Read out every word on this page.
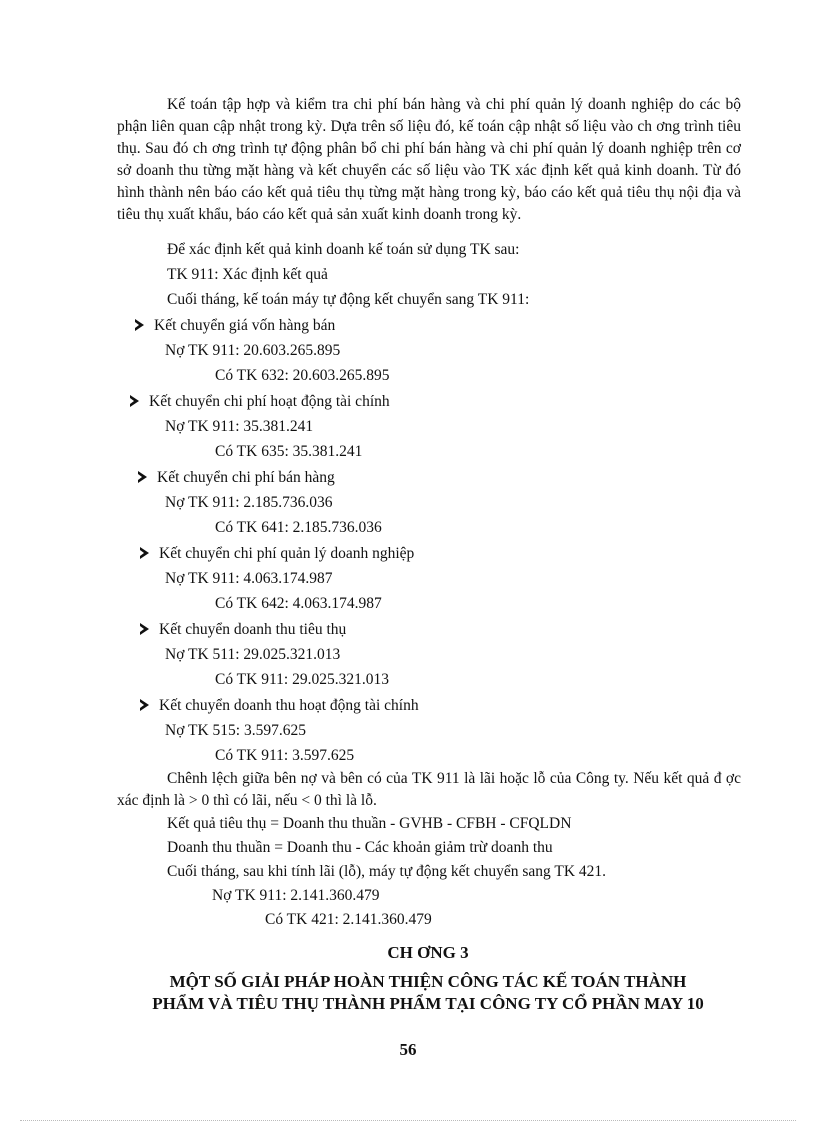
Kế toán tập hợp và kiểm tra chi phí bán hàng và chi phí quản lý doanh nghiệp do các bộ phận liên quan cập nhật trong kỳ. Dựa trên số liệu đó, kế toán cập nhật số liệu vào ch ơng trình tiêu thụ. Sau đó ch ơng trình tự động phân bổ chi phí bán hàng và chi phí quản lý doanh nghiệp trên cơ sở doanh thu từng mặt hàng và kết chuyển các số liệu vào TK xác định kết quả kinh doanh. Từ đó hình thành nên báo cáo kết quả tiêu thụ từng mặt hàng trong kỳ, báo cáo kết quả tiêu thụ nội địa và tiêu thụ xuất khẩu, báo cáo kết quả sản xuất kinh doanh trong kỳ.
Để xác định kết quả kinh doanh kế toán sử dụng TK sau:
TK 911: Xác định kết quả
Cuối tháng, kế toán máy tự động kết chuyển sang TK 911:
Kết chuyển giá vốn hàng bán
Nợ TK 911: 20.603.265.895
Có TK 632: 20.603.265.895
Kết chuyển chi phí hoạt động tài chính
Nợ TK 911: 35.381.241
Có TK 635: 35.381.241
Kết chuyển chi phí bán hàng
Nợ TK 911: 2.185.736.036
Có TK 641: 2.185.736.036
Kết chuyển chi phí quản lý doanh nghiệp
Nợ TK 911: 4.063.174.987
Có TK 642: 4.063.174.987
Kết chuyển doanh thu tiêu thụ
Nợ TK 511: 29.025.321.013
Có TK 911: 29.025.321.013
Kết chuyển doanh thu hoạt động tài chính
Nợ TK 515: 3.597.625
Có TK 911: 3.597.625
Chênh lệch giữa bên nợ và bên có của TK 911 là lãi hoặc lỗ của Công ty. Nếu kết quả đ ợc xác định là > 0 thì có lãi, nếu < 0 thì là lỗ.
Kết quả tiêu thụ = Doanh thu thuần - GVHB - CFBH - CFQLDN
Doanh thu thuần = Doanh thu - Các khoản giảm trừ doanh thu
Cuối tháng, sau khi tính lãi (lỗ), máy tự động kết chuyển sang TK 421.
Nợ TK 911: 2.141.360.479
Có TK 421: 2.141.360.479
CH ƠNG 3
MỘT SỐ GIẢI PHÁP HOÀN THIỆN CÔNG TÁC KẾ TOÁN THÀNH
PHẨM VÀ TIÊU THỤ THÀNH PHẨM TẠI CÔNG TY CỔ PHẦN MAY 10
56
